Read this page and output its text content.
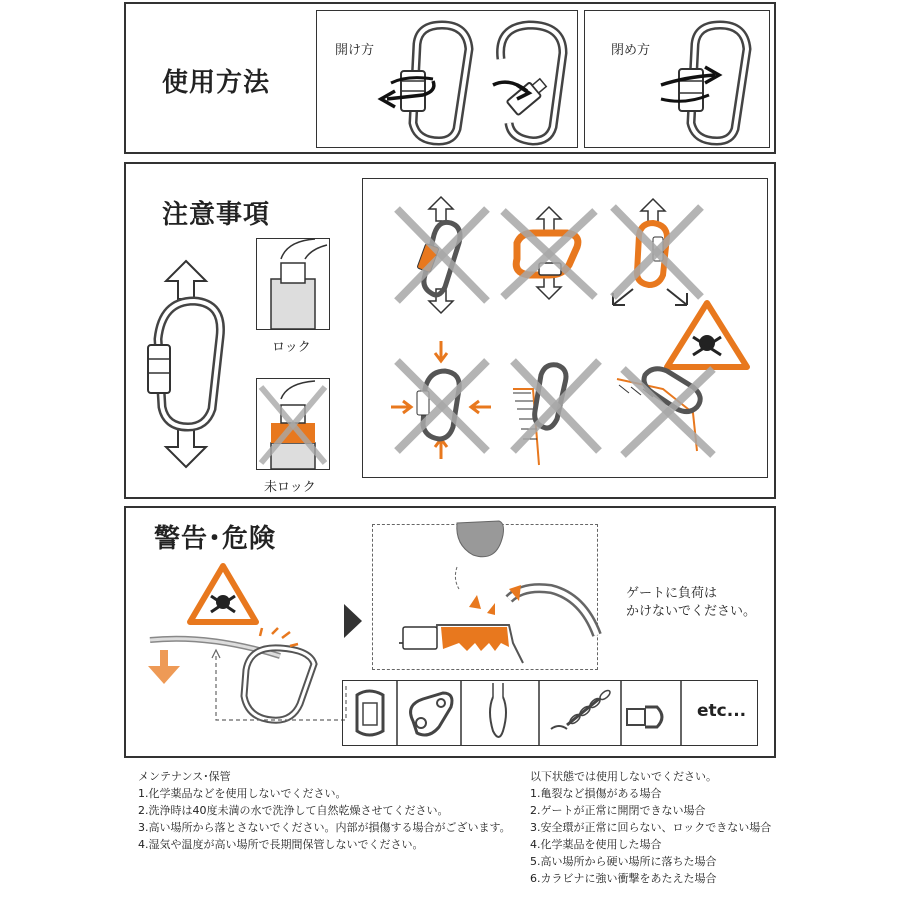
使用方法
開け方	閉め方
注意事項
ロック
未ロック
警告･危険
ゲートに負荷は
かけないでください。
etc...
メンテナンス･保管
1.化学薬品などを使用しないでください。
2.洗浄時は40度未満の水で洗浄して自然乾燥させてください。
3.高い場所から落とさないでください。内部が損傷する場合がございます。
4.湿気や温度が高い場所で長期間保管しないでください。
以下状態では使用しないでください。
1.亀裂など損傷がある場合
2.ゲートが正常に開閉できない場合
3.安全環が正常に回らない、ロックできない場合
4.化学薬品を使用した場合
5.高い場所から硬い場所に落ちた場合
6.カラビナに強い衝撃をあたえた場合
